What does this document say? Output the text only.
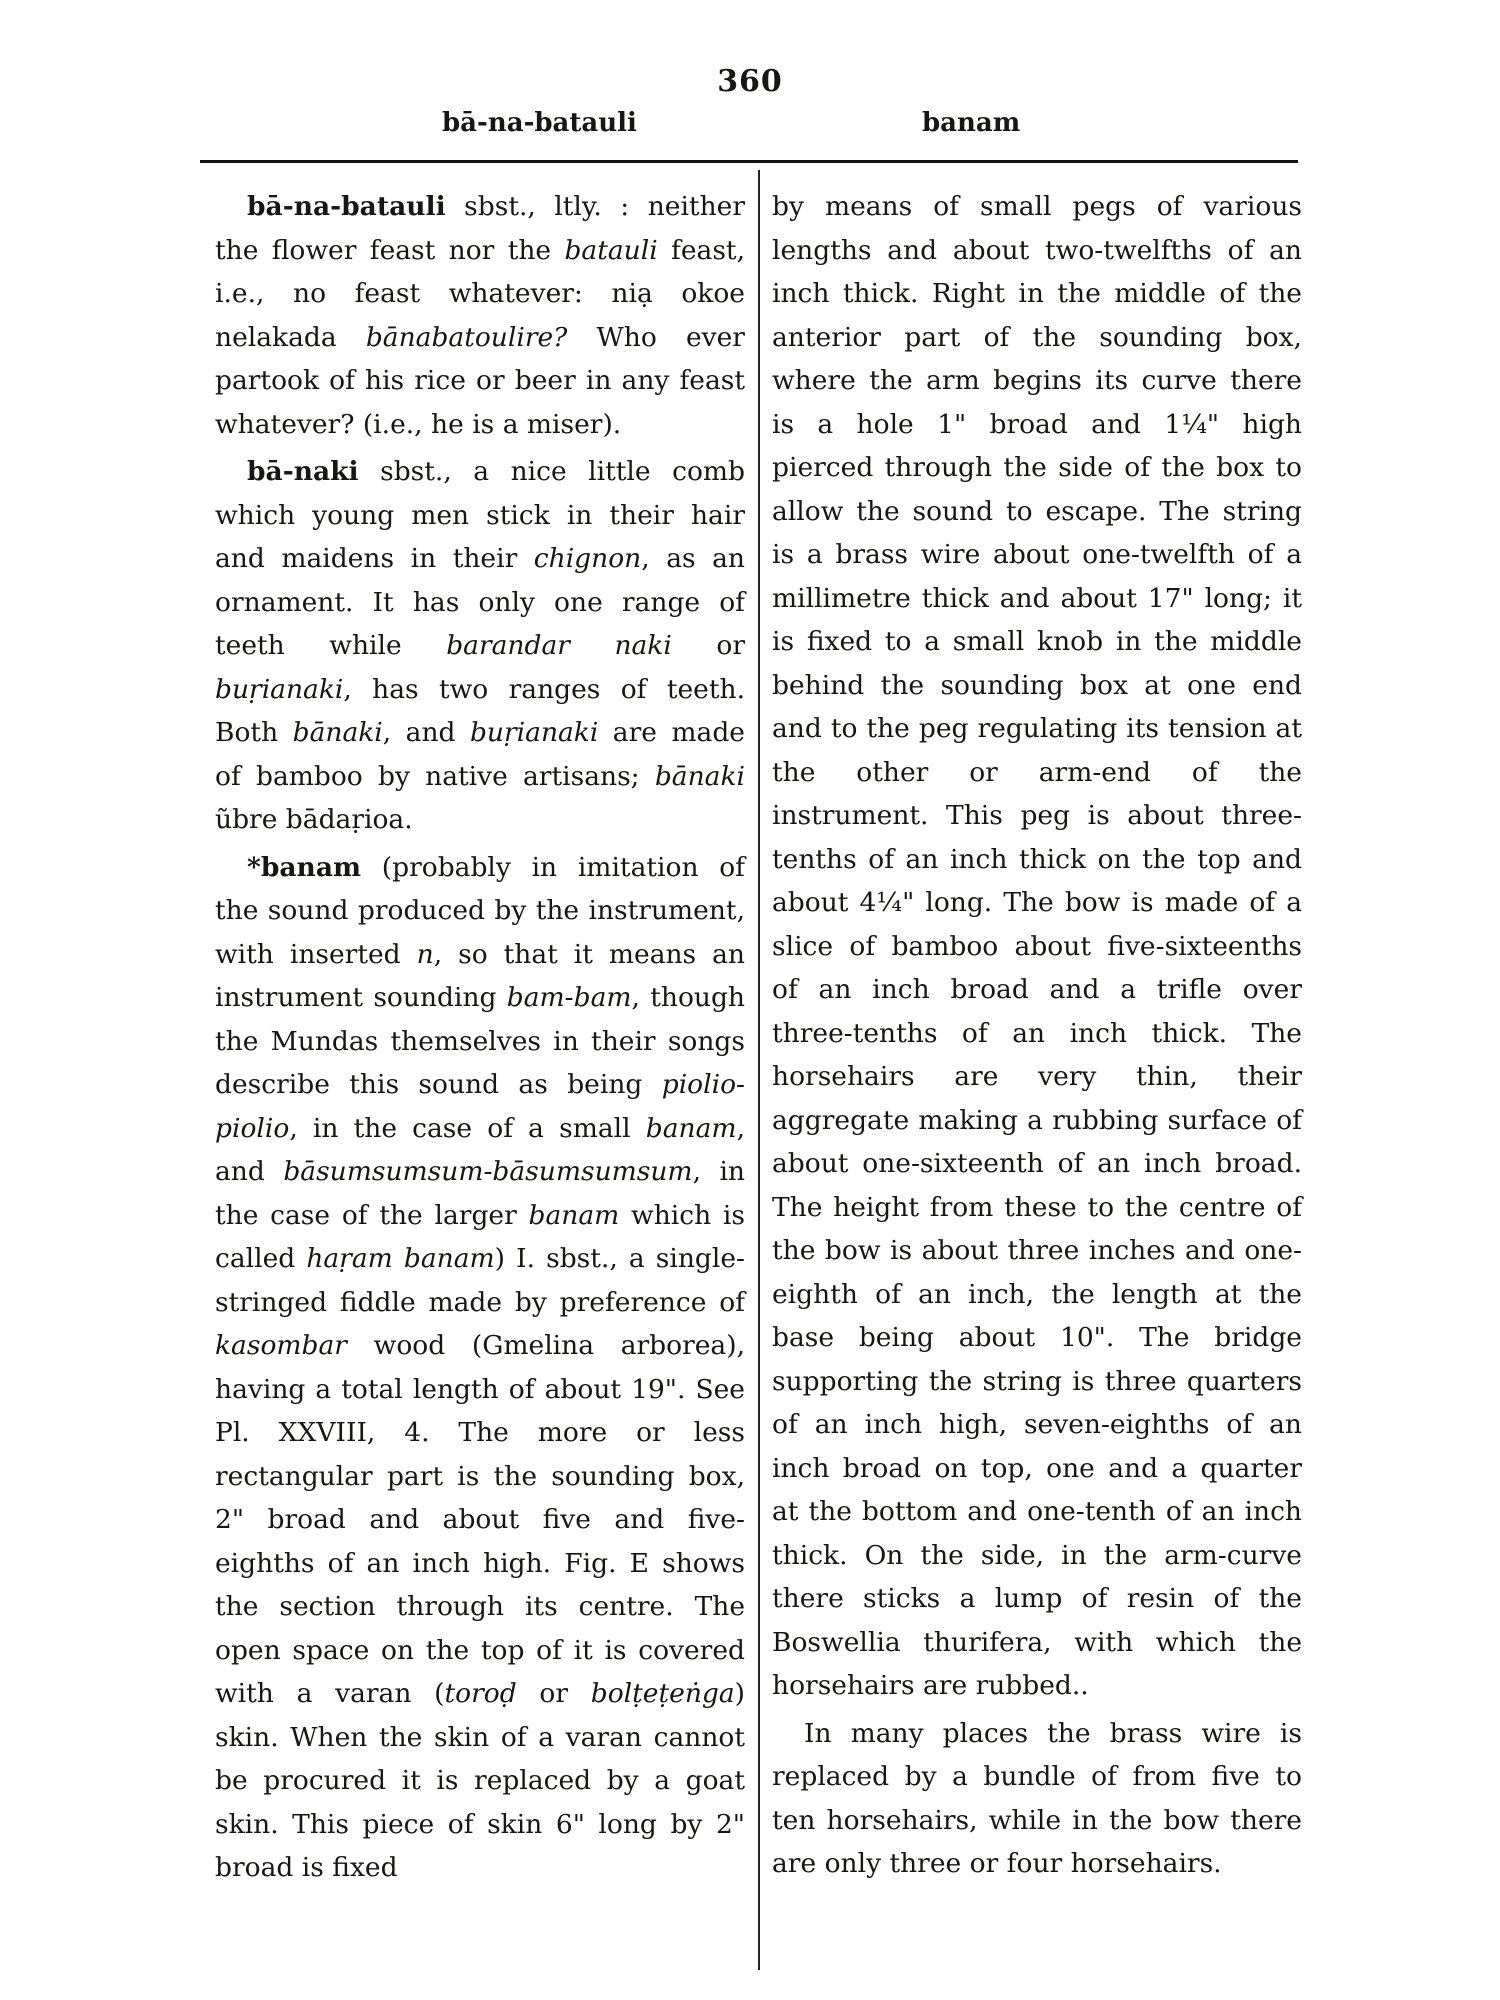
360
bā-na-batauli	banam

bā-na-batauli sbst., ltly. : neither the flower feast nor the batauli feast, i.e., no feast whatever: niạ okoe nelakada bānabatoulire? Who ever partook of his rice or beer in any feast whatever? (i.e., he is a miser).

bā-naki sbst., a nice little comb which young men stick in their hair and maidens in their chignon, as an ornament. It has only one range of teeth while barandar naki or buṛianaki, has two ranges of teeth. Both bānaki, and buṛianaki are made of bamboo by native artisans; bānaki ũbre bādaṛioa.

*banam (probably in imitation of the sound produced by the instrument, with inserted n, so that it means an instrument sounding bam-bam, though the Mundas themselves in their songs describe this sound as being piolio-piolio, in the case of a small banam, and bāsumsumsum-bāsumsumsum, in the case of the larger banam which is called haṛam banam) I. sbst., a single-stringed fiddle made by preference of kasombar wood (Gmelina arborea), having a total length of about 19". See Pl. XXVIII, 4. The more or less rectangular part is the sounding box, 2" broad and about five and five-eighths of an inch high. Fig. E shows the section through its centre. The open space on the top of it is covered with a varan (toroḍ or bolṭeṭeṅga) skin. When the skin of a varan cannot be procured it is replaced by a goat skin. This piece of skin 6" long by 2" broad is fixed

by means of small pegs of various lengths and about two-twelfths of an inch thick. Right in the middle of the anterior part of the sounding box, where the arm begins its curve there is a hole 1" broad and 1¼" high pierced through the side of the box to allow the sound to escape. The string is a brass wire about one-twelfth of a millimetre thick and about 17" long; it is fixed to a small knob in the middle behind the sounding box at one end and to the peg regulating its tension at the other or arm-end of the instrument. This peg is about three-tenths of an inch thick on the top and about 4¼" long. The bow is made of a slice of bamboo about five-sixteenths of an inch broad and a trifle over three-tenths of an inch thick. The horsehairs are very thin, their aggregate making a rubbing surface of about one-sixteenth of an inch broad. The height from these to the centre of the bow is about three inches and one-eighth of an inch, the length at the base being about 10". The bridge supporting the string is three quarters of an inch high, seven-eighths of an inch broad on top, one and a quarter at the bottom and one-tenth of an inch thick. On the side, in the arm-curve there sticks a lump of resin of the Boswellia thurifera, with which the horsehairs are rubbed..

In many places the brass wire is replaced by a bundle of from five to ten horsehairs, while in the bow there are only three or four horsehairs.
